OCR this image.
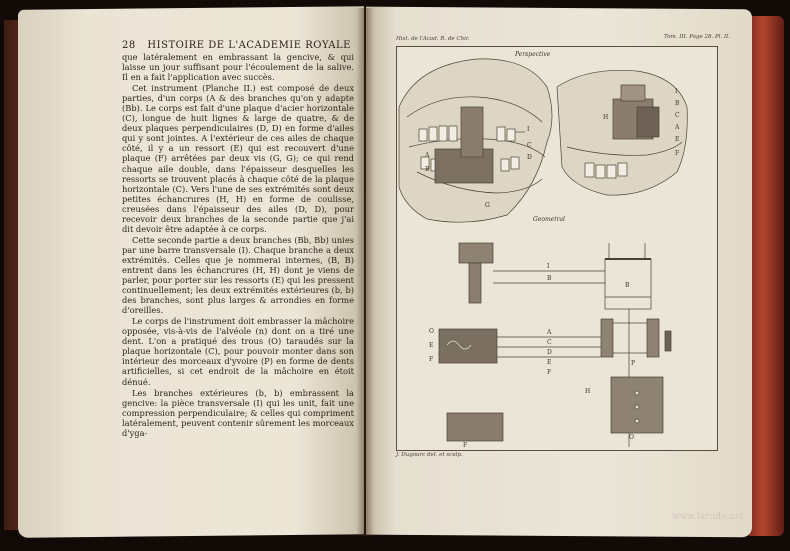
28 HISTOIRE DE L'ACADEMIE ROYALE

que latéralement en embrassant la gencive, & qui laisse un jour suffisant pour l'écoulement de la salive. Il en a fait l'application avec succès.

Cet instrument (Planche II.) est composé de deux parties, d'un corps (A & des branches qu'on y adapte (Bb). Le corps est fait d'une plaque d'acier horizontale (C), longue de huit lignes & large de quatre, & de deux plaques perpendiculaires (D, D) en forme d'ailes qui y sont jointes. A l'extérieur de ces ailes de chaque côté, il y a un ressort (E) qui est recouvert d'une plaque (F) arrêtées par deux vis (G, G); ce qui rend chaque aile double, dans l'épaisseur desquelles les ressorts se trouvent placés à chaque côté de la plaque horizontale (C). Vers l'une de ses extrémités sont deux petites échancrures (H, H) en forme de coulisse, creusées dans l'épaisseur des ailes (D, D), pour recevoir deux branches de la seconde partie que j'ai dit devoir être adaptée à ce corps.

Cette seconde partie a deux branches (Bb, Bb) unies par une barre transversale (I). Chaque branche a deux extrémités. Celles que je nommerai internes, (B, B) entrent dans les échancrures (H, H) dont je viens de parler, pour porter sur les ressorts (E) qui les pressent continuellement; les deux extrémités extérieures (b, b) des branches, sont plus larges & arrondies en forme d'oreilles.

Le corps de l'instrument doit embrasser la mâchoire opposée, vis-à-vis de l'alvéole (n) dont on a tiré une dent. L'on a pratiqué des trous (O) taraudés sur la plaque horizontale (C), pour pouvoir monter dans son intérieur des morceaux d'yvoire (P) en forme de dents artificielles, si cet endroit de la mâchoire en étoit dénué.

Les branches extérieures (b, b) embrassent la gencive: la pièce transversale (I) qui les unit, fait une compression perpendiculaire; & celles qui compriment latéralement, peuvent contenir sûrement les morceaux d'yga-

Hist. de l'Acad. R. de Chir.	Tom. III. Page 28. Pl. II.
Perspective
I
C
D
A
B
G
I
B
C
A
E
F
H
Geometral
I
B
B
A
C
D
E
F
O
E
F
H
P
O
F
J. Dugourc del. et sculp.
www.larude.net
